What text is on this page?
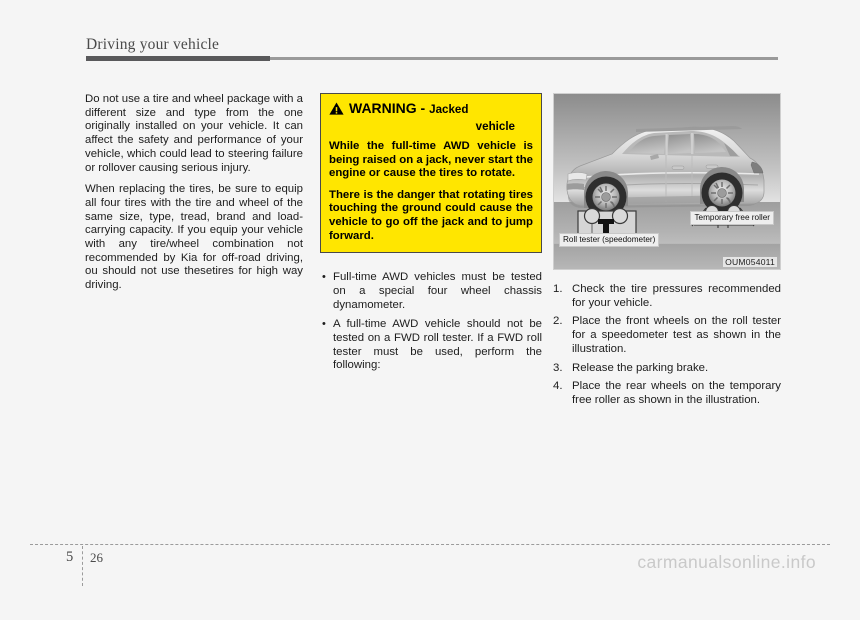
Driving your vehicle

Do not use a tire and wheel package with a different size and type from the one originally installed on your vehicle. It can affect the safety and performance of your vehicle, which could lead to steering failure or rollover causing serious injury.

When replacing the tires, be sure to equip all four tires with the tire and wheel of the same size, type, tread, brand and load-carrying capacity. If you equip your vehicle with any tire/wheel combination not recommended by Kia for off-road driving, ou should not use thesetires for high way driving.

WARNING - Jacked
vehicle

While the full-time AWD vehicle is being raised on a jack, never start the engine or cause the tires to rotate.

There is the danger that rotating tires touching the ground could cause the vehicle to go off the jack and to jump forward.

• Full-time AWD vehicles must be tested on a special four wheel chassis dynamometer.
• A full-time AWD vehicle should not be tested on a FWD roll tester. If a FWD roll tester must be used, perform the following:
Roll tester (speedometer)
Temporary free roller
OUM054011
1. Check the tire pressures recommended for your vehicle.
2. Place the front wheels on the roll tester for a speedometer test as shown in the illustration.
3. Release the parking brake.
4. Place the rear wheels on the temporary free roller as shown in the illustration.
5 26	carmanualsonline.info
